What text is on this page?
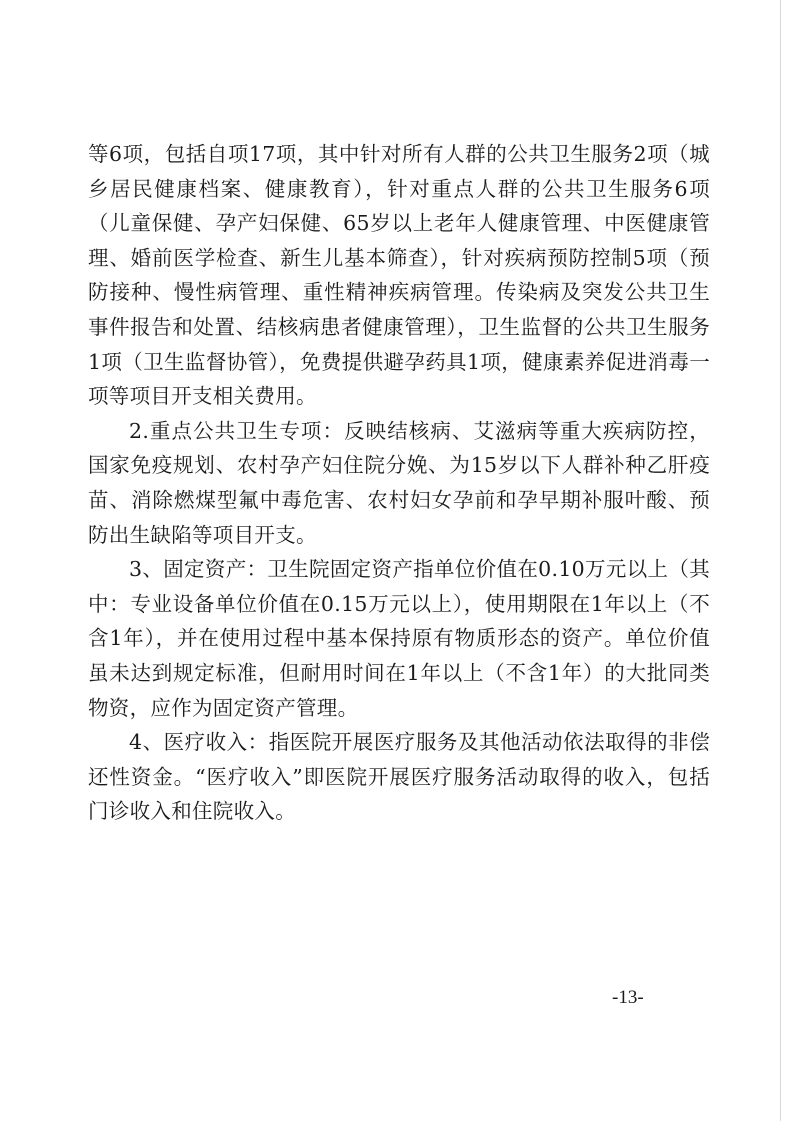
等6项，包括自项17项，其中针对所有人群的公共卫生服务2项（城乡居民健康档案、健康教育），针对重点人群的公共卫生服务6项（儿童保健、孕产妇保健、65岁以上老年人健康管理、中医健康管理、婚前医学检查、新生儿基本筛查），针对疾病预防控制5项（预防接种、慢性病管理、重性精神疾病管理。传染病及突发公共卫生事件报告和处置、结核病患者健康管理），卫生监督的公共卫生服务1项（卫生监督协管），免费提供避孕药具1项，健康素养促进消毒一项等项目开支相关费用。

2.重点公共卫生专项：反映结核病、艾滋病等重大疾病防控，国家免疫规划、农村孕产妇住院分娩、为15岁以下人群补种乙肝疫苗、消除燃煤型氟中毒危害、农村妇女孕前和孕早期补服叶酸、预防出生缺陷等项目开支。

3、固定资产：卫生院固定资产指单位价值在0.10万元以上（其中：专业设备单位价值在0.15万元以上），使用期限在1年以上（不含1年），并在使用过程中基本保持原有物质形态的资产。单位价值虽未达到规定标准，但耐用时间在1年以上（不含1年）的大批同类物资，应作为固定资产管理。

4、医疗收入：指医院开展医疗服务及其他活动依法取得的非偿还性资金。“医疗收入”即医院开展医疗服务活动取得的收入，包括门诊收入和住院收入。

-13-
